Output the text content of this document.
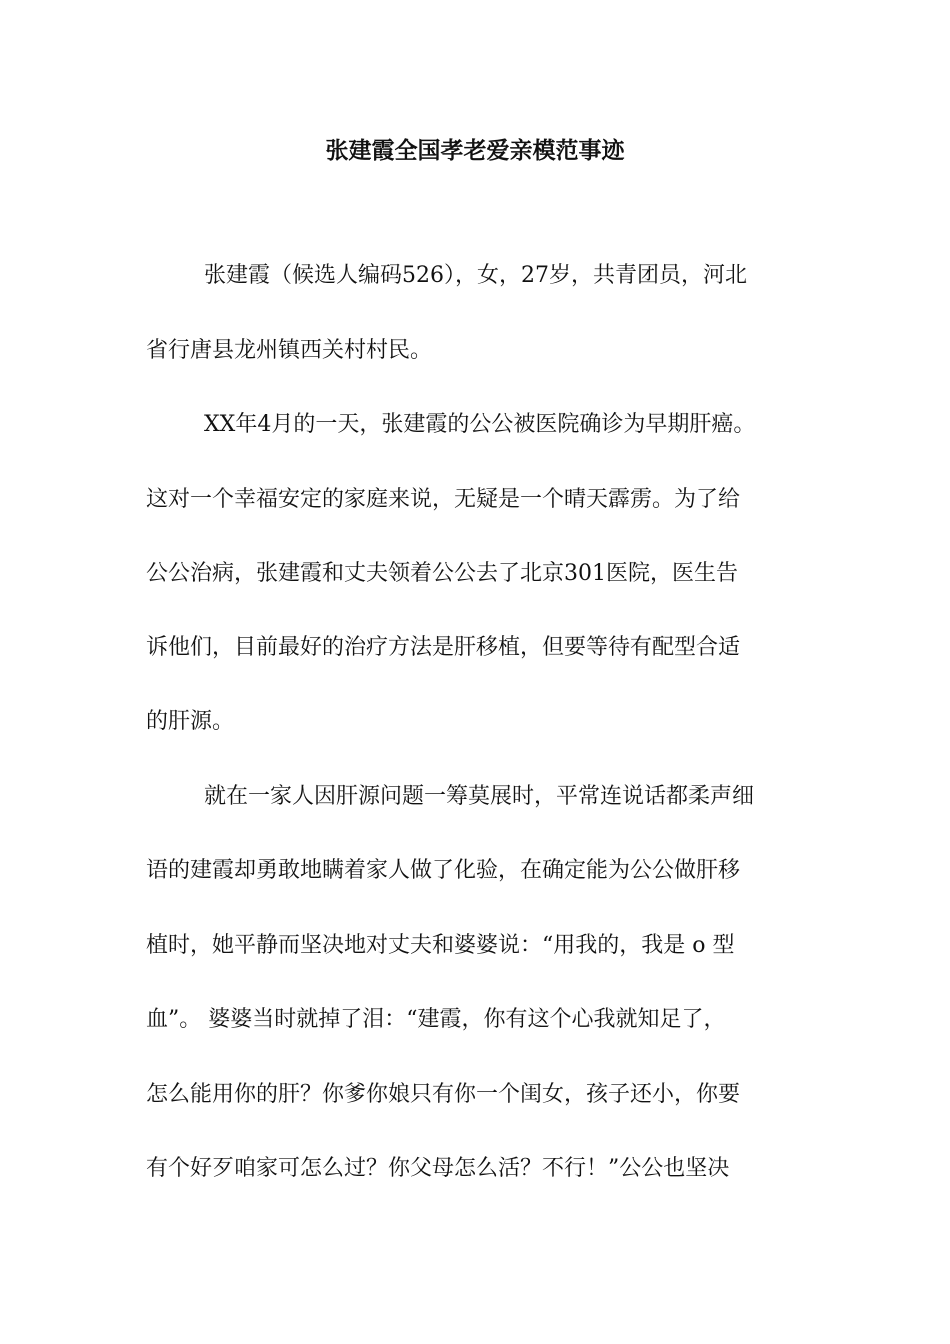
张建霞全国孝老爱亲模范事迹

张建霞（候选人编码526），女，27岁，共青团员，河北

省行唐县龙州镇西关村村民。

XX年4月的一天，张建霞的公公被医院确诊为早期肝癌。

这对一个幸福安定的家庭来说，无疑是一个晴天霹雳。为了给

公公治病，张建霞和丈夫领着公公去了北京301医院，医生告

诉他们，目前最好的治疗方法是肝移植，但要等待有配型合适

的肝源。

就在一家人因肝源问题一筹莫展时，平常连说话都柔声细

语的建霞却勇敢地瞒着家人做了化验，在确定能为公公做肝移

植时，她平静而坚决地对丈夫和婆婆说：“用我的，我是 o 型

血”。 婆婆当时就掉了泪：“建霞，你有这个心我就知足了，

怎么能用你的肝？你爹你娘只有你一个闺女，孩子还小，你要

有个好歹咱家可怎么过？你父母怎么活？不行！”公公也坚决
